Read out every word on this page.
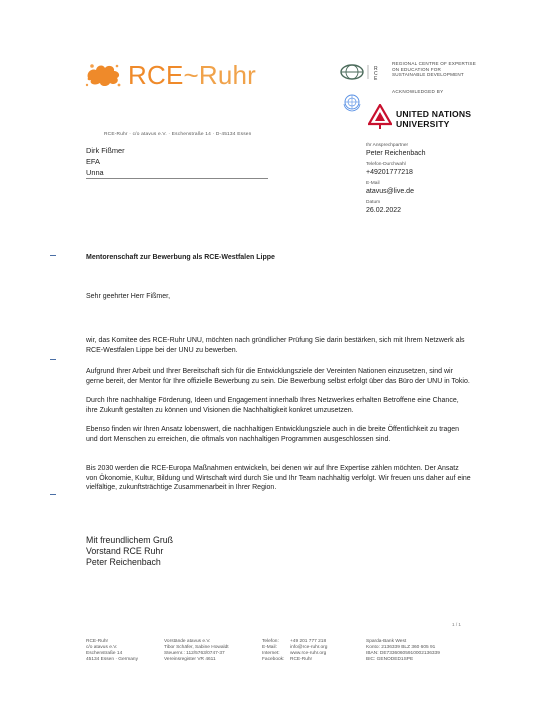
RCE~Ruhr	R
C
E
REGIONAL CENTRE OF EXPERTISE
ON EDUCATION FOR
SUSTAINABLE DEVELOPMENT
ACKNOWLEDGED BY
UNITED NATIONS
UNIVERSITY
RCE-Ruhr · c/o atavus e.V. · Eschenstraße 14 · D-45134 Essen
Dirk Fißmer
EFA
Unna
Ihr Ansprechpartner
Peter Reichenbach
Telefon-Durchwahl
+49201777218
E-Mail
atavus@live.de
Datum
26.02.2022
Mentorenschaft zur Bewerbung als RCE-Westfalen Lippe
Sehr geehrter Herr Fißmer,
wir, das Komitee des RCE-Ruhr UNU, möchten nach gründlicher Prüfung Sie darin bestärken, sich mit Ihrem Netzwerk als RCE-Westfalen Lippe bei der UNU zu bewerben.
Aufgrund Ihrer Arbeit und Ihrer Bereitschaft sich für die Entwicklungsziele der Vereinten Nationen einzusetzen, sind wir gerne bereit, der Mentor für Ihre offizielle Bewerbung zu sein. Die Bewerbung selbst erfolgt über das Büro der UNU in Tokio.
Durch Ihre nachhaltige Förderung, Ideen und Engagement innerhalb Ihres Netzwerkes erhalten Betroffene eine Chance, ihre Zukunft gestalten zu können und Visionen die Nachhaltigkeit konkret umzusetzen.
Ebenso finden wir Ihren Ansatz lobenswert, die nachhaltigen Entwicklungsziele auch in die breite Öffentlichkeit zu tragen und dort Menschen zu erreichen, die oftmals von nachhaltigen Programmen ausgeschlossen sind.
Bis 2030 werden die RCE-Europa Maßnahmen entwickeln, bei denen wir auf Ihre Expertise zählen möchten. Der Ansatz von Ökonomie, Kultur, Bildung und Wirtschaft wird durch Sie und Ihr Team nachhaltig verfolgt. Wir freuen uns daher auf eine vielfältige, zukunftsträchtige Zusammenarbeit in Ihrer Region.
Mit freundlichem Gruß
Vorstand RCE Ruhr
Peter Reichenbach
1 / 1
RCE-Ruhr
c/o atavus e.V.
Eschenstraße 14
45134 Essen · Germany
Vorstände atavus e.V.
Tibor Schäfer, Sabine Howaldt
Steuernr.: 112/5763/0747-37
Vereinsregister VR 4611
Telefon:
E-Mail:
Internet:
Facebook:
+49 201 777 218
info@rce-ruhr.org
www.rce-ruhr.org
RCE-Ruhr
Sparda-Bank West
Konto: 2136339 BLZ 360 605 91
IBAN: DE73360605910002136339
BIC: GENODED1SPE
